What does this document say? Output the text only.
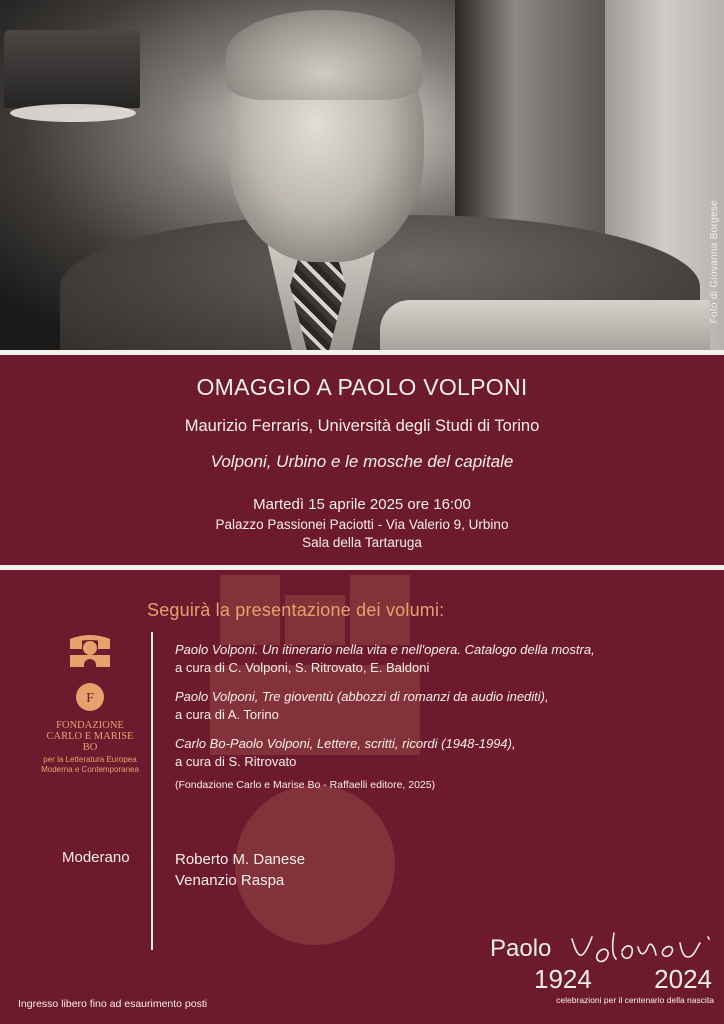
Foto di Giovanna Borgese
OMAGGIO A PAOLO VOLPONI

Maurizio Ferraris, Università degli Studi di Torino

Volponi, Urbino e le mosche del capitale

Martedì 15 aprile 2025 ore 16:00

Palazzo Passionei Paciotti - Via Valerio 9, Urbino

Sala della Tartaruga

Seguirà la presentazione dei volumi:

F
FONDAZIONE
CARLO E MARISE BO
per la Letteratura Europea
Moderna e Contemporanea
Paolo Volponi. Un itinerario nella vita e nell'opera. Catalogo della mostra,
a cura di C. Volponi, S. Ritrovato, E. Baldoni
Paolo Volponi, Tre gioventù (abbozzi di romanzi da audio inediti),
a cura di A. Torino
Carlo Bo-Paolo Volponi, Lettere, scritti, ricordi (1948-1994),
a cura di S. Ritrovato

(Fondazione Carlo e Marise Bo - Raffaelli editore, 2025)

Moderano	Roberto M. Danese
Venanzio Raspa

Ingresso libero fino ad esaurimento posti

Paolo
1924 2024
celebrazioni per il centenario della nascita
